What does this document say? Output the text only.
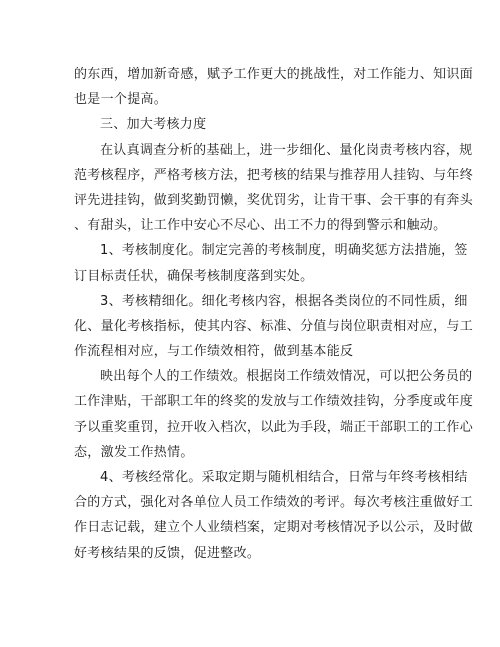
的东西，增加新奇感，赋予工作更大的挑战性，对工作能力、知识面
也是一个提高。
三、加大考核力度
在认真调查分析的基础上，进一步细化、量化岗责考核内容，规
范考核程序，严格考核方法，把考核的结果与推荐用人挂钩、与年终
评先进挂钩，做到奖勤罚懒，奖优罚劣，让肯干事、会干事的有奔头
、有甜头，让工作中安心不尽心、出工不力的得到警示和触动。
1、考核制度化。制定完善的考核制度，明确奖惩方法措施，签
订目标责任状，确保考核制度落到实处。
3、考核精细化。细化考核内容，根据各类岗位的不同性质，细
化、量化考核指标，使其内容、标准、分值与岗位职责相对应，与工
作流程相对应，与工作绩效相符，做到基本能反
映出每个人的工作绩效。根据岗工作绩效情况，可以把公务员的
工作津贴，干部职工年的终奖的发放与工作绩效挂钩，分季度或年度
予以重奖重罚，拉开收入档次，以此为手段，端正干部职工的工作心
态，激发工作热情。
4、考核经常化。采取定期与随机相结合，日常与年终考核相结
合的方式，强化对各单位人员工作绩效的考评。每次考核注重做好工
作日志记载，建立个人业绩档案，定期对考核情况予以公示，及时做
好考核结果的反馈，促进整改。
